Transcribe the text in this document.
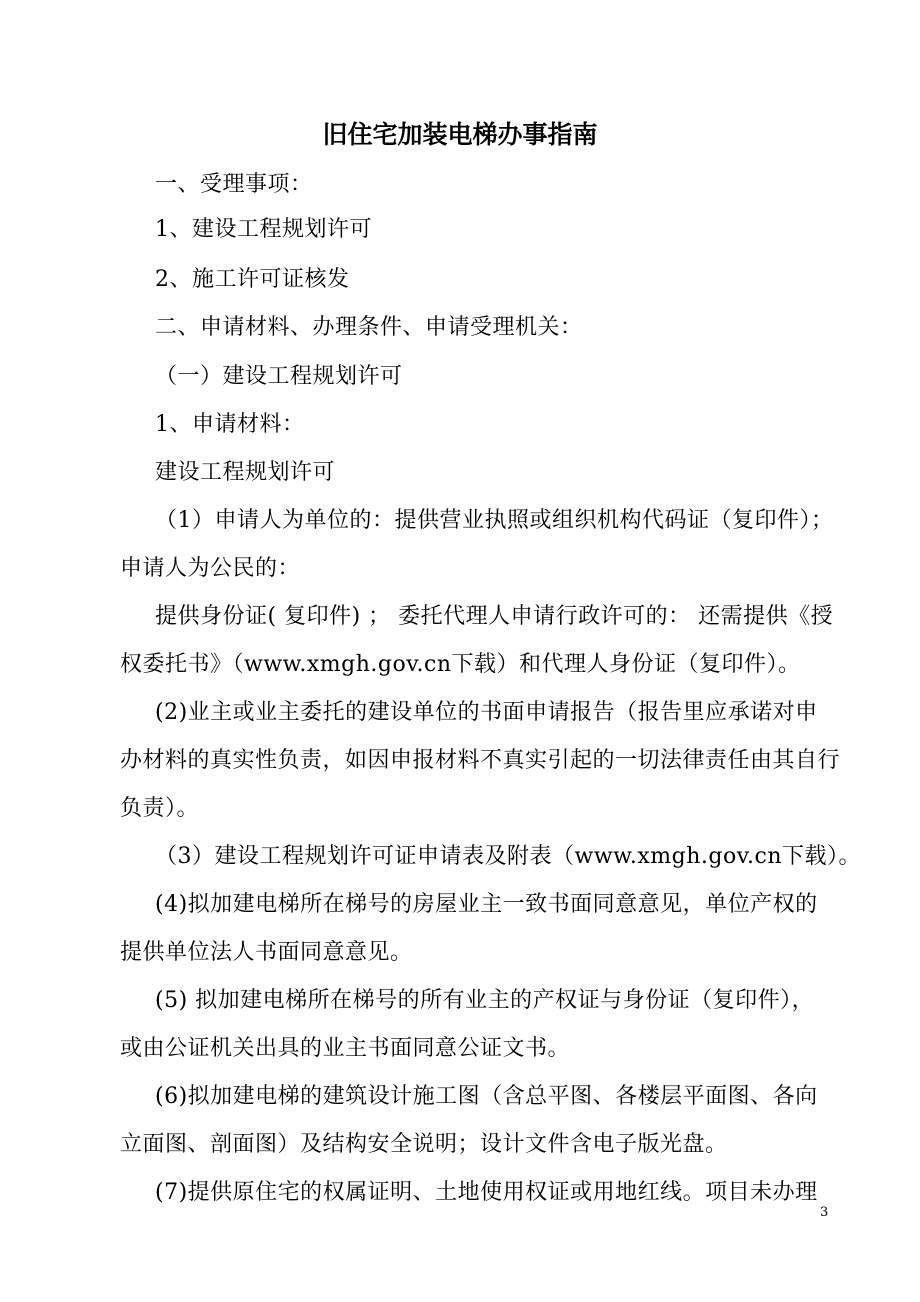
旧住宅加装电梯办事指南
一、受理事项：
1、建设工程规划许可
2、施工许可证核发
二、申请材料、办理条件、申请受理机关：
（一）建设工程规划许可
1、申请材料：
建设工程规划许可
（1）申请人为单位的：提供营业执照或组织机构代码证（复印件）；
申请人为公民的：
提供身份证( 复印件) ； 委托代理人申请行政许可的： 还需提供《授
权委托书》（www.xmgh.gov.cn下载）和代理人身份证（复印件）。
(2)业主或业主委托的建设单位的书面申请报告（报告里应承诺对申
办材料的真实性负责，如因申报材料不真实引起的一切法律责任由其自行
负责）。
（3）建设工程规划许可证申请表及附表（www.xmgh.gov.cn下载）。
(4)拟加建电梯所在梯号的房屋业主一致书面同意意见，单位产权的
提供单位法人书面同意意见。
(5) 拟加建电梯所在梯号的所有业主的产权证与身份证（复印件），
或由公证机关出具的业主书面同意公证文书。
(6)拟加建电梯的建筑设计施工图（含总平图、各楼层平面图、各向
立面图、剖面图）及结构安全说明；设计文件含电子版光盘。
(7)提供原住宅的权属证明、土地使用权证或用地红线。项目未办理
3
